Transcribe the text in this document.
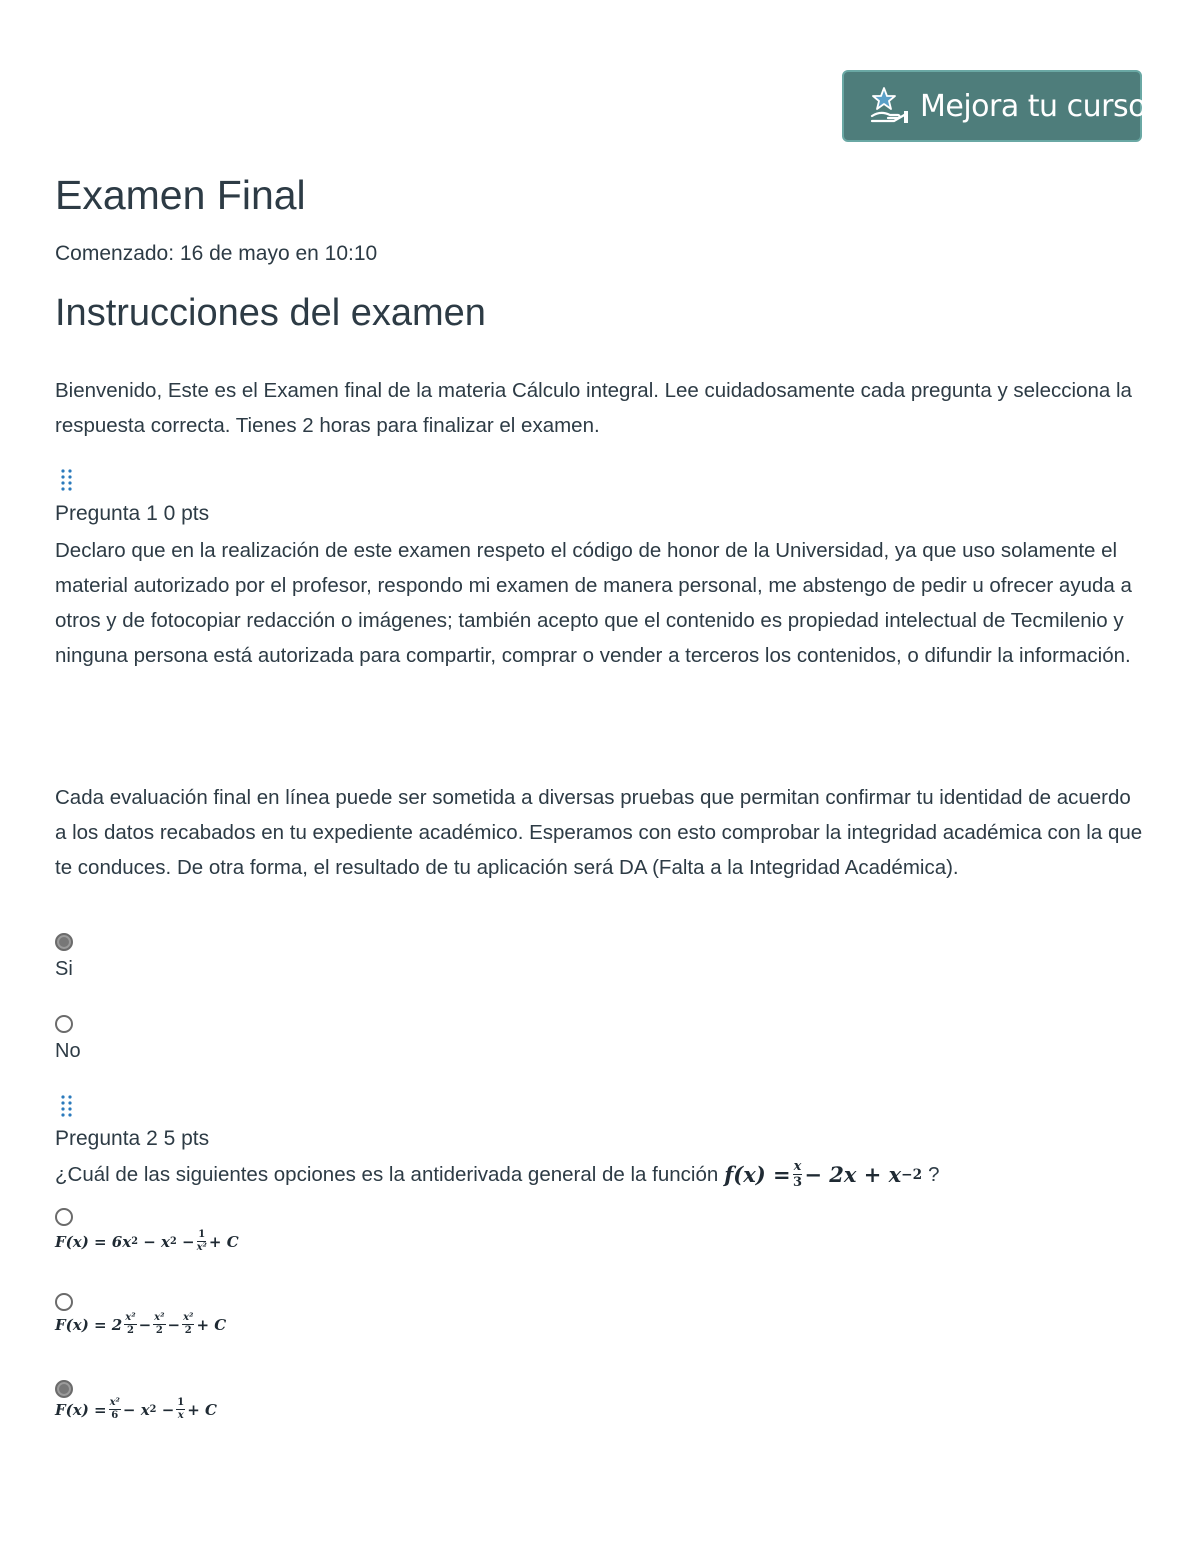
Mejora tu curso
Examen Final
Comenzado: 16 de mayo en 10:10
Instrucciones del examen

Bienvenido, Este es el Examen final de la materia Cálculo integral. Lee cuidadosamente cada pregunta y selecciona la respuesta correcta. Tienes 2 horas para finalizar el examen.

Pregunta 1 0 pts

Declaro que en la realización de este examen respeto el código de honor de la Universidad, ya que uso solamente el material autorizado por el profesor, respondo mi examen de manera personal, me abstengo de pedir u ofrecer ayuda a otros y de fotocopiar redacción o imágenes; también acepto que el contenido es propiedad intelectual de Tecmilenio y ninguna persona está autorizada para compartir, comprar o vender a terceros los contenidos, o difundir la información.

Cada evaluación final en línea puede ser sometida a diversas pruebas que permitan confirmar tu identidad de acuerdo a los datos recabados en tu expediente académico. Esperamos con esto comprobar la integridad académica con la que te conduces. De otra forma, el resultado de tu aplicación será DA (Falta a la Integridad Académica).

Si
No
Pregunta 2 5 pts
¿Cuál de las siguientes opciones es la antiderivada general de la función $f(x) = \frac{x}{3} - 2x + x -2$ ?
F(x) = 6x 2
− x 2
− $\frac{1}{\text{x²}} + C$
$F(x) = 2 \frac{\text{x²}}{2} - \frac{\text{x²}}{2} - \frac{\text{x²}}{2} + C$
$F(x) = \frac{\text{x²}}{6} - x$ 2
− $\frac{1}{x} + C$
